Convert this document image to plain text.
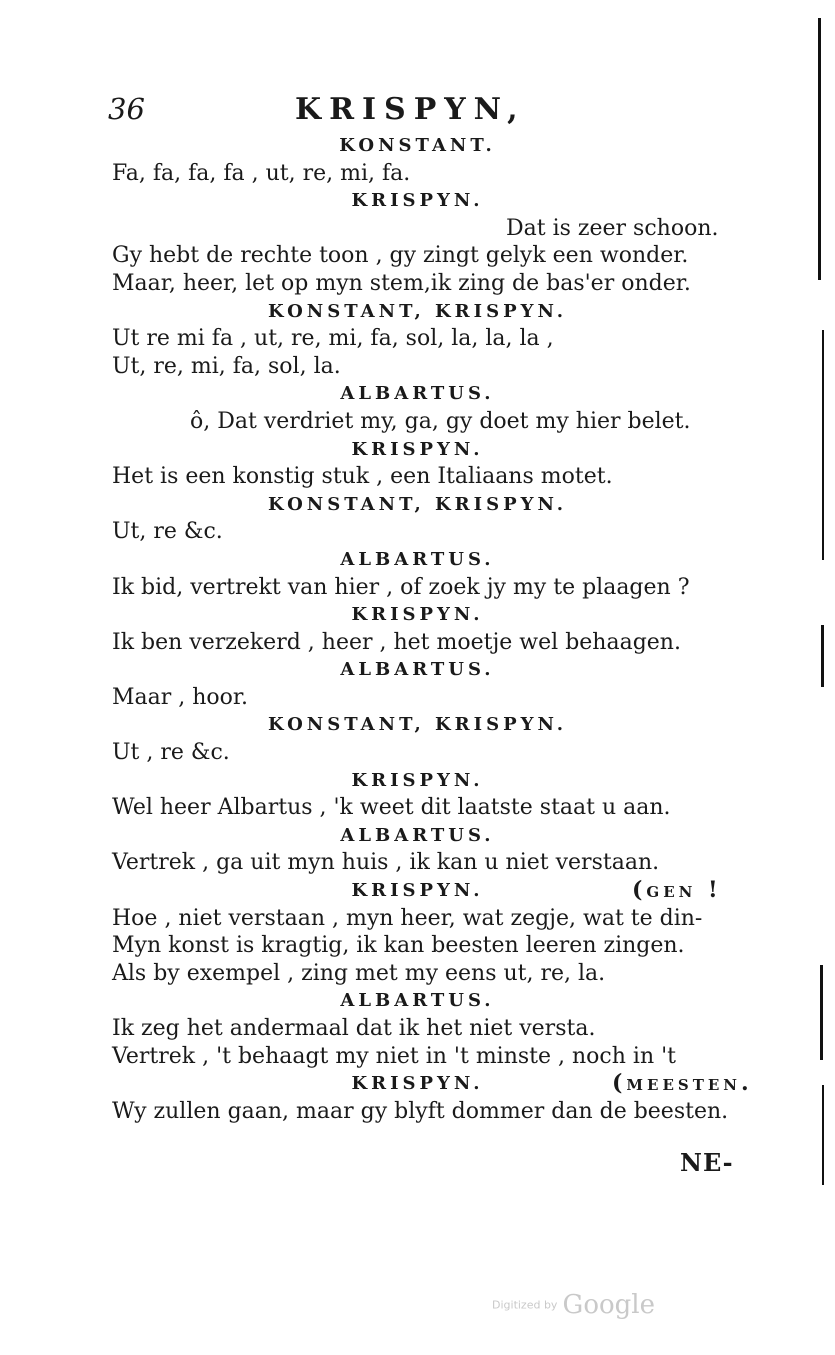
36	KRISPYN,
KONSTANT.
Fa, fa, fa, fa , ut, re, mi, fa.
KRISPYN.
Dat is zeer schoon.
Gy hebt de rechte toon , gy zingt gelyk een wonder.
Maar, heer, let op myn stem,ik zing de bas'er onder.
KONSTANT, KRISPYN.
Ut re mi fa , ut, re, mi, fa, sol, la, la, la ,
Ut, re, mi, fa, sol, la.
ALBARTUS.
ô, Dat verdriet my, ga, gy doet my hier belet.
KRISPYN.
Het is een konstig stuk , een Italiaans motet.
KONSTANT, KRISPYN.
Ut, re &c.
ALBARTUS.
Ik bid, vertrekt van hier , of zoek jy my te plaagen ?
KRISPYN.
Ik ben verzekerd , heer , het moetje wel behaagen.
ALBARTUS.
Maar , hoor.
KONSTANT, KRISPYN.
Ut , re &c.
KRISPYN.
Wel heer Albartus , 'k weet dit laatste staat u aan.
ALBARTUS.
Vertrek , ga uit myn huis , ik kan u niet verstaan.
KRISPYN.	(gen !
Hoe , niet verstaan , myn heer, wat zegje, wat te din-
Myn konst is kragtig, ik kan beesten leeren zingen.
Als by exempel , zing met my eens ut, re, la.
ALBARTUS.
Ik zeg het andermaal dat ik het niet versta.
Vertrek , 't behaagt my niet in 't minste , noch in 't
KRISPYN.	(meesten.
Wy zullen gaan, maar gy blyft dommer dan de beesten.
NE-
Digitized by Google
